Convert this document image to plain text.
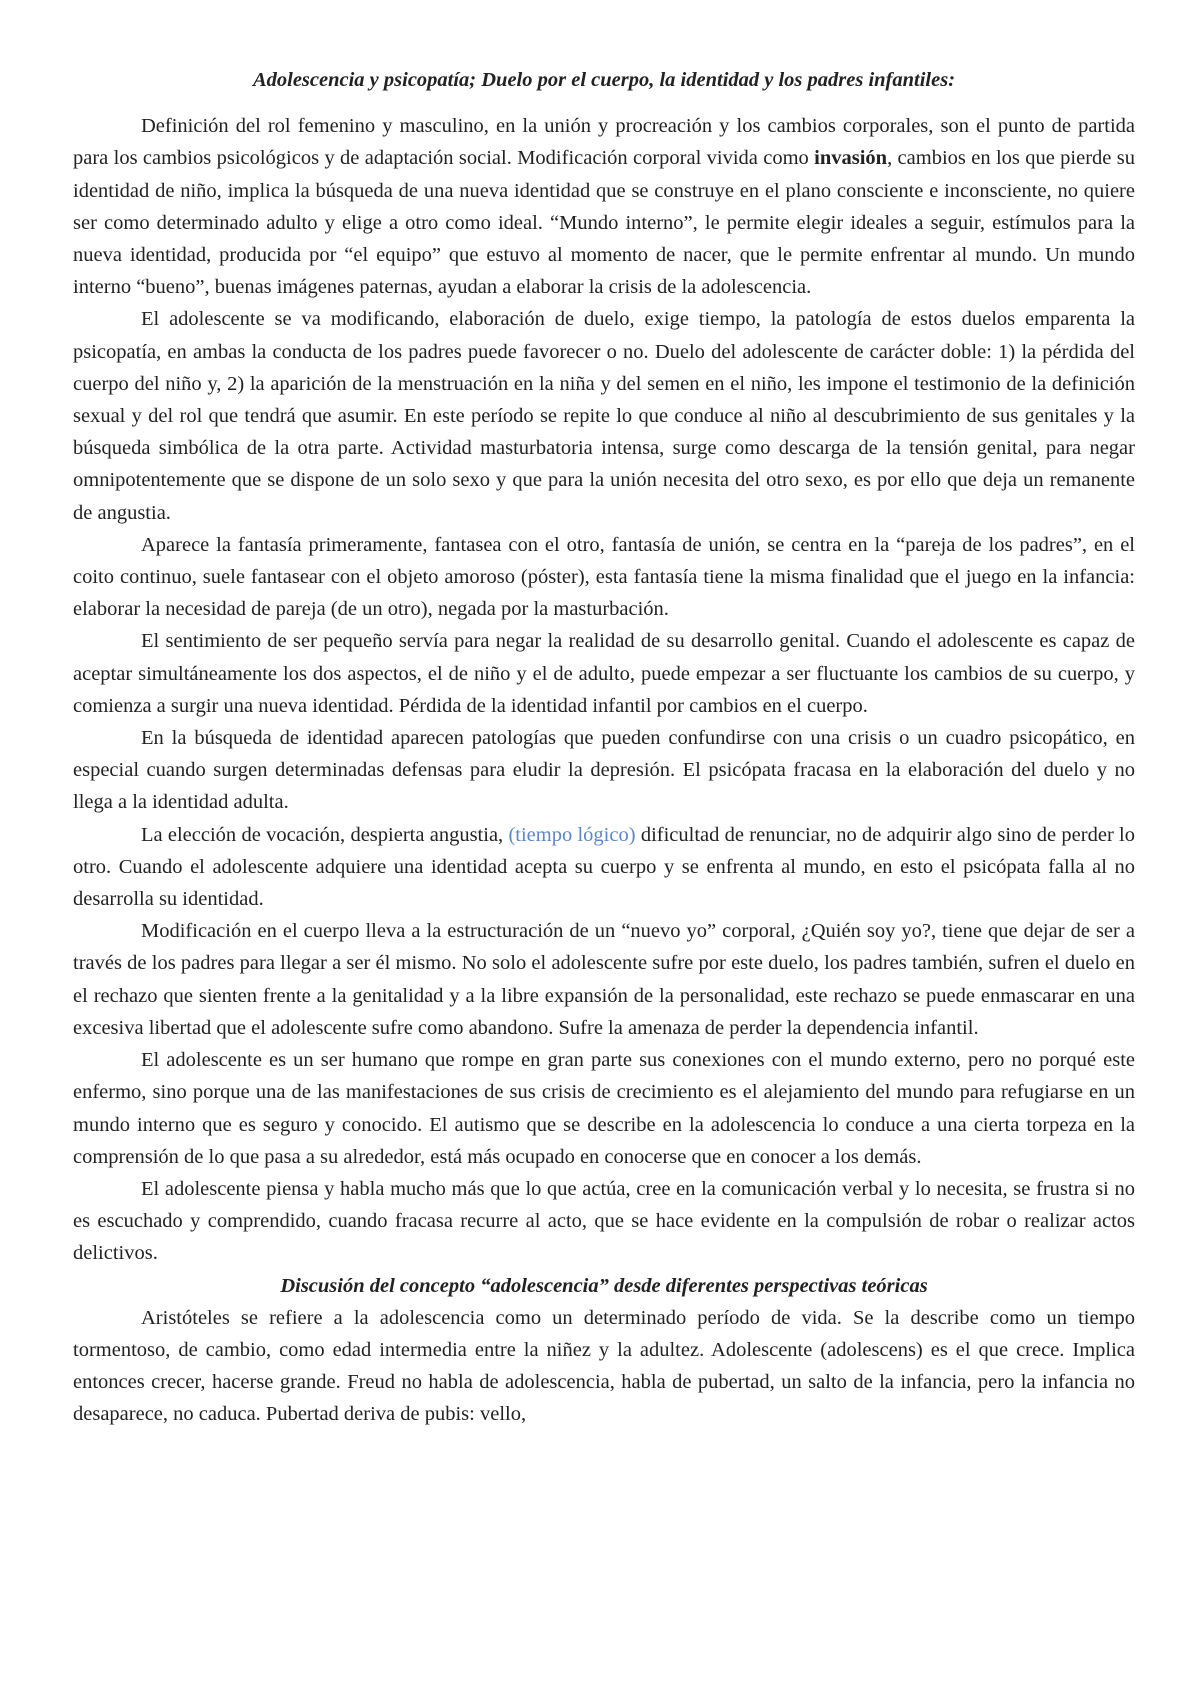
Adolescencia y psicopatía; Duelo por el cuerpo, la identidad y los padres infantiles:

Definición del rol femenino y masculino, en la unión y procreación y los cambios corporales, son el punto de partida para los cambios psicológicos y de adaptación social. Modificación corporal vivida como invasión, cambios en los que pierde su identidad de niño, implica la búsqueda de una nueva identidad que se construye en el plano consciente e inconsciente, no quiere ser como determinado adulto y elige a otro como ideal. “Mundo interno”, le permite elegir ideales a seguir, estímulos para la nueva identidad, producida por “el equipo” que estuvo al momento de nacer, que le permite enfrentar al mundo. Un mundo interno “bueno”, buenas imágenes paternas, ayudan a elaborar la crisis de la adolescencia.

El adolescente se va modificando, elaboración de duelo, exige tiempo, la patología de estos duelos emparenta la psicopatía, en ambas la conducta de los padres puede favorecer o no. Duelo del adolescente de carácter doble: 1) la pérdida del cuerpo del niño y, 2) la aparición de la menstruación en la niña y del semen en el niño, les impone el testimonio de la definición sexual y del rol que tendrá que asumir. En este período se repite lo que conduce al niño al descubrimiento de sus genitales y la búsqueda simbólica de la otra parte. Actividad masturbatoria intensa, surge como descarga de la tensión genital, para negar omnipotentemente que se dispone de un solo sexo y que para la unión necesita del otro sexo, es por ello que deja un remanente de angustia.

Aparece la fantasía primeramente, fantasea con el otro, fantasía de unión, se centra en la “pareja de los padres”, en el coito continuo, suele fantasear con el objeto amoroso (póster), esta fantasía tiene la misma finalidad que el juego en la infancia: elaborar la necesidad de pareja (de un otro), negada por la masturbación.

El sentimiento de ser pequeño servía para negar la realidad de su desarrollo genital. Cuando el adolescente es capaz de aceptar simultáneamente los dos aspectos, el de niño y el de adulto, puede empezar a ser fluctuante los cambios de su cuerpo, y comienza a surgir una nueva identidad. Pérdida de la identidad infantil por cambios en el cuerpo.

En la búsqueda de identidad aparecen patologías que pueden confundirse con una crisis o un cuadro psicopático, en especial cuando surgen determinadas defensas para eludir la depresión. El psicópata fracasa en la elaboración del duelo y no llega a la identidad adulta.

La elección de vocación, despierta angustia, (tiempo lógico) dificultad de renunciar, no de adquirir algo sino de perder lo otro. Cuando el adolescente adquiere una identidad acepta su cuerpo y se enfrenta al mundo, en esto el psicópata falla al no desarrolla su identidad.

Modificación en el cuerpo lleva a la estructuración de un “nuevo yo” corporal, ¿Quién soy yo?, tiene que dejar de ser a través de los padres para llegar a ser él mismo. No solo el adolescente sufre por este duelo, los padres también, sufren el duelo en el rechazo que sienten frente a la genitalidad y a la libre expansión de la personalidad, este rechazo se puede enmascarar en una excesiva libertad que el adolescente sufre como abandono. Sufre la amenaza de perder la dependencia infantil.

El adolescente es un ser humano que rompe en gran parte sus conexiones con el mundo externo, pero no porqué este enfermo, sino porque una de las manifestaciones de sus crisis de crecimiento es el alejamiento del mundo para refugiarse en un mundo interno que es seguro y conocido. El autismo que se describe en la adolescencia lo conduce a una cierta torpeza en la comprensión de lo que pasa a su alrededor, está más ocupado en conocerse que en conocer a los demás.

El adolescente piensa y habla mucho más que lo que actúa, cree en la comunicación verbal y lo necesita, se frustra si no es escuchado y comprendido, cuando fracasa recurre al acto, que se hace evidente en la compulsión de robar o realizar actos delictivos.

Discusión del concepto “adolescencia” desde diferentes perspectivas teóricas

Aristóteles se refiere a la adolescencia como un determinado período de vida. Se la describe como un tiempo tormentoso, de cambio, como edad intermedia entre la niñez y la adultez. Adolescente (adolescens) es el que crece. Implica entonces crecer, hacerse grande. Freud no habla de adolescencia, habla de pubertad, un salto de la infancia, pero la infancia no desaparece, no caduca. Pubertad deriva de pubis: vello,
